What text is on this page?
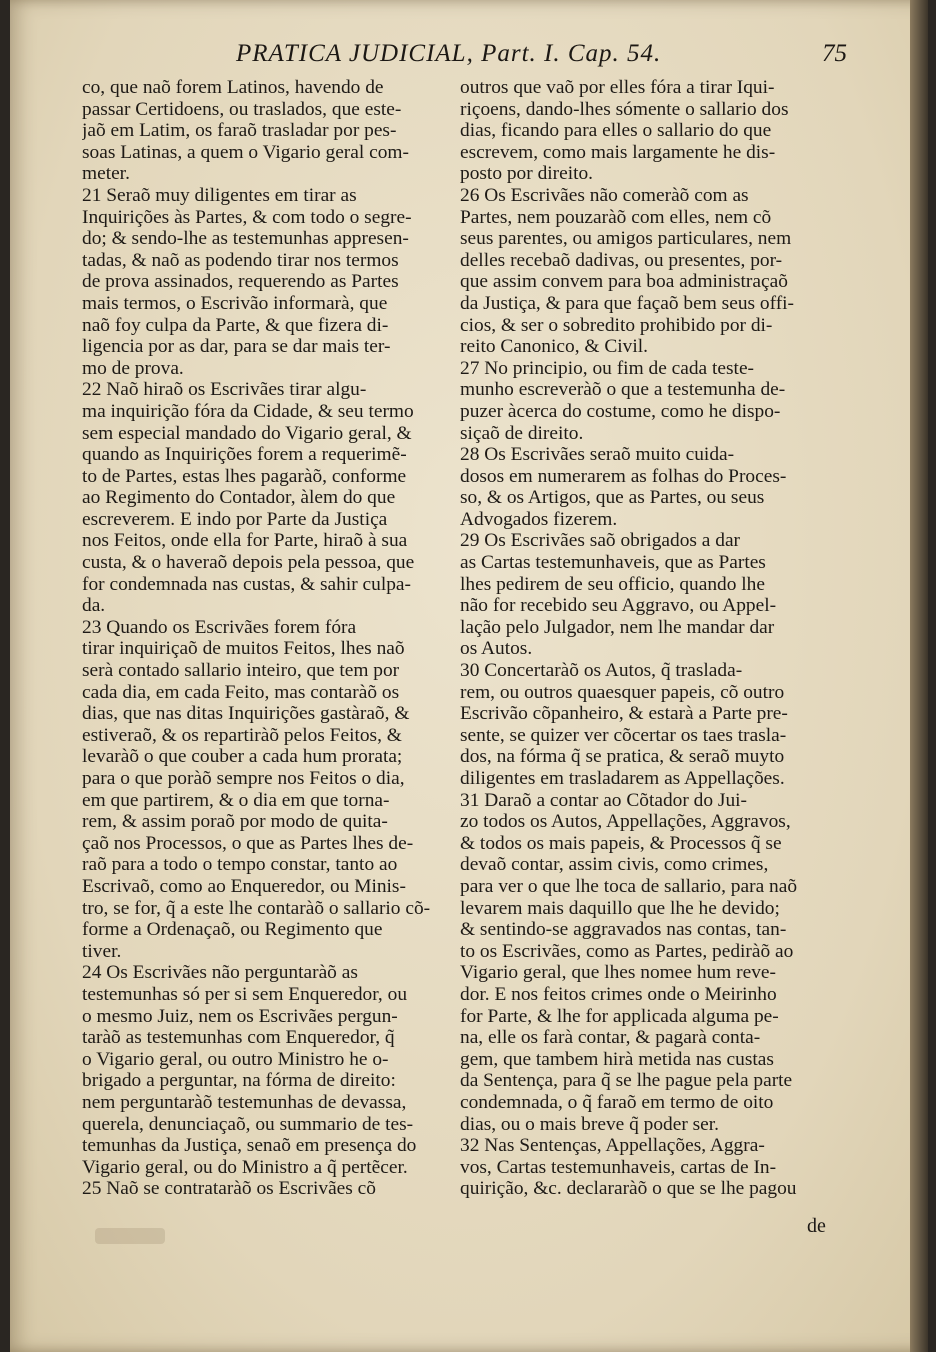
PRATICA JUDICIAL, Part. I. Cap. 54.	75
co, que naõ forem Latinos, havendo de
passar Certidoens, ou traslados, que este-
jaõ em Latim, os faraõ trasladar por pes-
soas Latinas, a quem o Vigario geral com-
meter.
21 Seraõ muy diligentes em tirar as
Inquirições às Partes, & com todo o segre-
do; & sendo-lhe as testemunhas appresen-
tadas, & naõ as podendo tirar nos termos
de prova assinados, requerendo as Partes
mais termos, o Escrivão informarà, que
naõ foy culpa da Parte, & que fizera di-
ligencia por as dar, para se dar mais ter-
mo de prova.
22 Naõ hiraõ os Escrivães tirar algu-
ma inquirição fóra da Cidade, & seu termo
sem especial mandado do Vigario geral, &
quando as Inquirições forem a requerimẽ-
to de Partes, estas lhes pagaràõ, conforme
ao Regimento do Contador, àlem do que
escreverem. E indo por Parte da Justiça
nos Feitos, onde ella for Parte, hiraõ à sua
custa, & o haveraõ depois pela pessoa, que
for condemnada nas custas, & sahir culpa-
da.
23 Quando os Escrivães forem fóra
tirar inquiriçaõ de muitos Feitos, lhes naõ
serà contado sallario inteiro, que tem por
cada dia, em cada Feito, mas contaràõ os
dias, que nas ditas Inquirições gastàraõ, &
estiveraõ, & os repartiràõ pelos Feitos, &
levaràõ o que couber a cada hum prorata;
para o que poràõ sempre nos Feitos o dia,
em que partirem, & o dia em que torna-
rem, & assim poraõ por modo de quita-
çaõ nos Processos, o que as Partes lhes de-
raõ para a todo o tempo constar, tanto ao
Escrivaõ, como ao Enqueredor, ou Minis-
tro, se for, q̃ a este lhe contaràõ o sallario cõ-
forme a Ordenaçaõ, ou Regimento que
tiver.
24 Os Escrivães não perguntaràõ as
testemunhas só per si sem Enqueredor, ou
o mesmo Juiz, nem os Escrivães pergun-
taràõ as testemunhas com Enqueredor, q̃
o Vigario geral, ou outro Ministro he o-
brigado a perguntar, na fórma de direito:
nem perguntaràõ testemunhas de devassa,
querela, denunciaçaõ, ou summario de tes-
temunhas da Justiça, senaõ em presença do
Vigario geral, ou do Ministro a q̃ pertẽcer.
25 Naõ se contrataràõ os Escrivães cõ
outros que vaõ por elles fóra a tirar Iqui-
riçoens, dando-lhes sómente o sallario dos
dias, ficando para elles o sallario do que
escrevem, como mais largamente he dis-
posto por direito.
26 Os Escrivães não comeràõ com as
Partes, nem pouzaràõ com elles, nem cõ
seus parentes, ou amigos particulares, nem
delles recebaõ dadivas, ou presentes, por-
que assim convem para boa administraçaõ
da Justiça, & para que façaõ bem seus offi-
cios, & ser o sobredito prohibido por di-
reito Canonico, & Civil.
27 No principio, ou fim de cada teste-
munho escreveràõ o que a testemunha de-
puzer àcerca do costume, como he dispo-
siçaõ de direito.
28 Os Escrivães seraõ muito cuida-
dosos em numerarem as folhas do Proces-
so, & os Artigos, que as Partes, ou seus
Advogados fizerem.
29 Os Escrivães saõ obrigados a dar
as Cartas testemunhaveis, que as Partes
lhes pedirem de seu officio, quando lhe
não for recebido seu Aggravo, ou Appel-
lação pelo Julgador, nem lhe mandar dar
os Autos.
30 Concertaràõ os Autos, q̃ traslada-
rem, ou outros quaesquer papeis, cõ outro
Escrivão cõpanheiro, & estarà a Parte pre-
sente, se quizer ver cõcertar os taes trasla-
dos, na fórma q̃ se pratica, & seraõ muyto
diligentes em trasladarem as Appellações.
31 Daraõ a contar ao Cõtador do Jui-
zo todos os Autos, Appellações, Aggravos,
& todos os mais papeis, & Processos q̃ se
devaõ contar, assim civis, como crimes,
para ver o que lhe toca de sallario, para naõ
levarem mais daquillo que lhe he devido;
& sentindo-se aggravados nas contas, tan-
to os Escrivães, como as Partes, pediràõ ao
Vigario geral, que lhes nomee hum reve-
dor. E nos feitos crimes onde o Meirinho
for Parte, & lhe for applicada alguma pe-
na, elle os farà contar, & pagarà conta-
gem, que tambem hirà metida nas custas
da Sentença, para q̃ se lhe pague pela parte
condemnada, o q̃ faraõ em termo de oito
dias, ou o mais breve q̃ poder ser.
32 Nas Sentenças, Appellações, Aggra-
vos, Cartas testemunhaveis, cartas de In-
quirição, &c. declararàõ o que se lhe pagou
de
